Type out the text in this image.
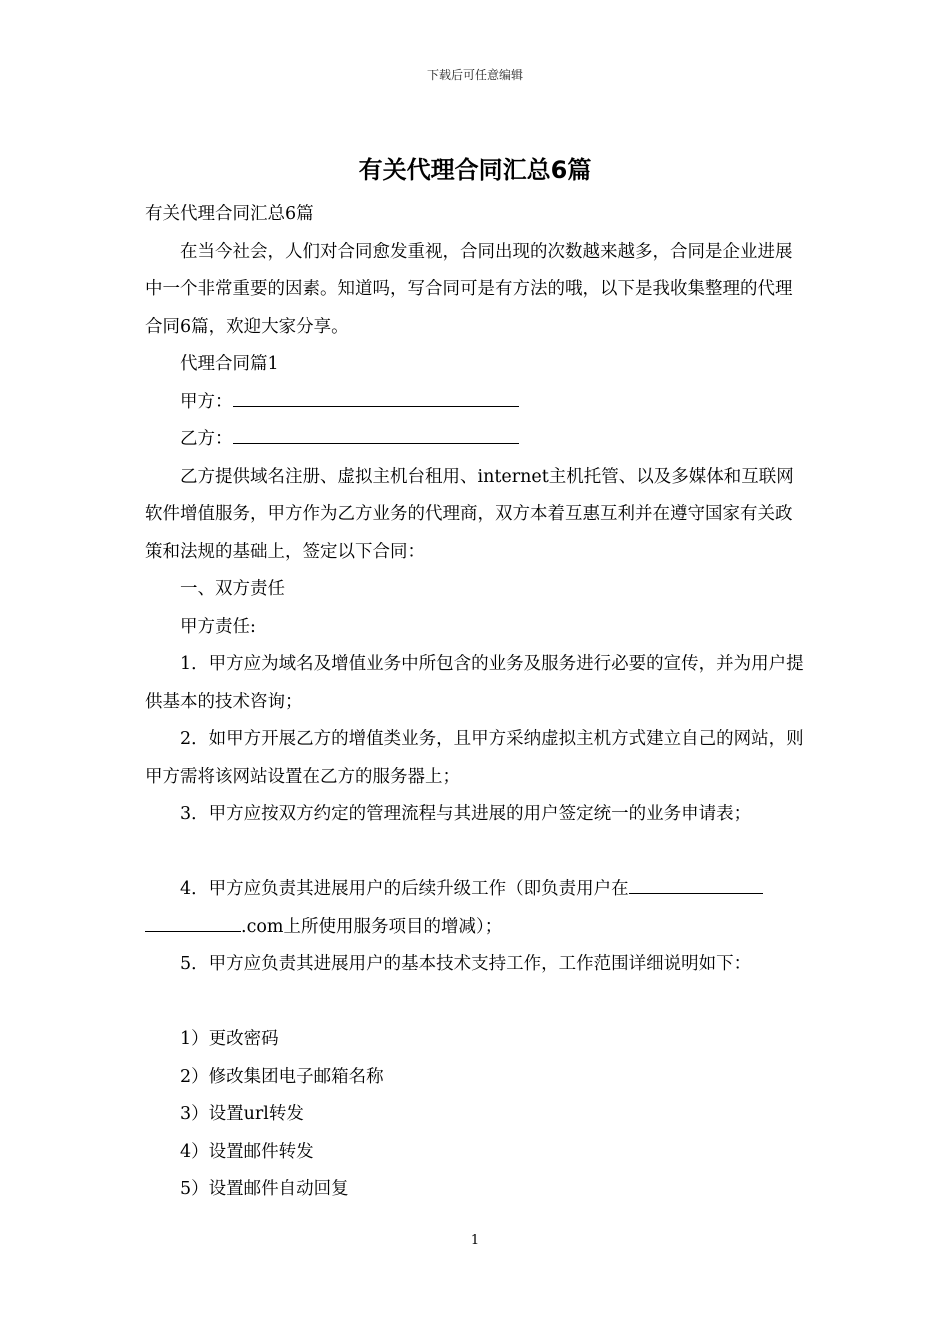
下载后可任意编辑
有关代理合同汇总6篇

有关代理合同汇总6篇

在当今社会，人们对合同愈发重视，合同出现的次数越来越多，合同是企业进展中一个非常重要的因素。知道吗，写合同可是有方法的哦，以下是我收集整理的代理合同6篇，欢迎大家分享。

代理合同篇1

甲方：

乙方：

乙方提供域名注册、虚拟主机台租用、internet主机托管、以及多媒体和互联网软件增值服务，甲方作为乙方业务的代理商，双方本着互惠互利并在遵守国家有关政策和法规的基础上，签定以下合同：

一、双方责任

甲方责任:

1．甲方应为域名及增值业务中所包含的业务及服务进行必要的宣传，并为用户提供基本的技术咨询；

2．如甲方开展乙方的增值类业务，且甲方采纳虚拟主机方式建立自己的网站，则甲方需将该网站设置在乙方的服务器上；

3．甲方应按双方约定的管理流程与其进展的用户签定统一的业务申请表；

4．甲方应负责其进展用户的后续升级工作（即负责用户在.com上所使用服务项目的增减）；

5．甲方应负责其进展用户的基本技术支持工作，工作范围详细说明如下：

1）更改密码

2）修改集团电子邮箱名称

3）设置url转发

4）设置邮件转发

5）设置邮件自动回复

1
